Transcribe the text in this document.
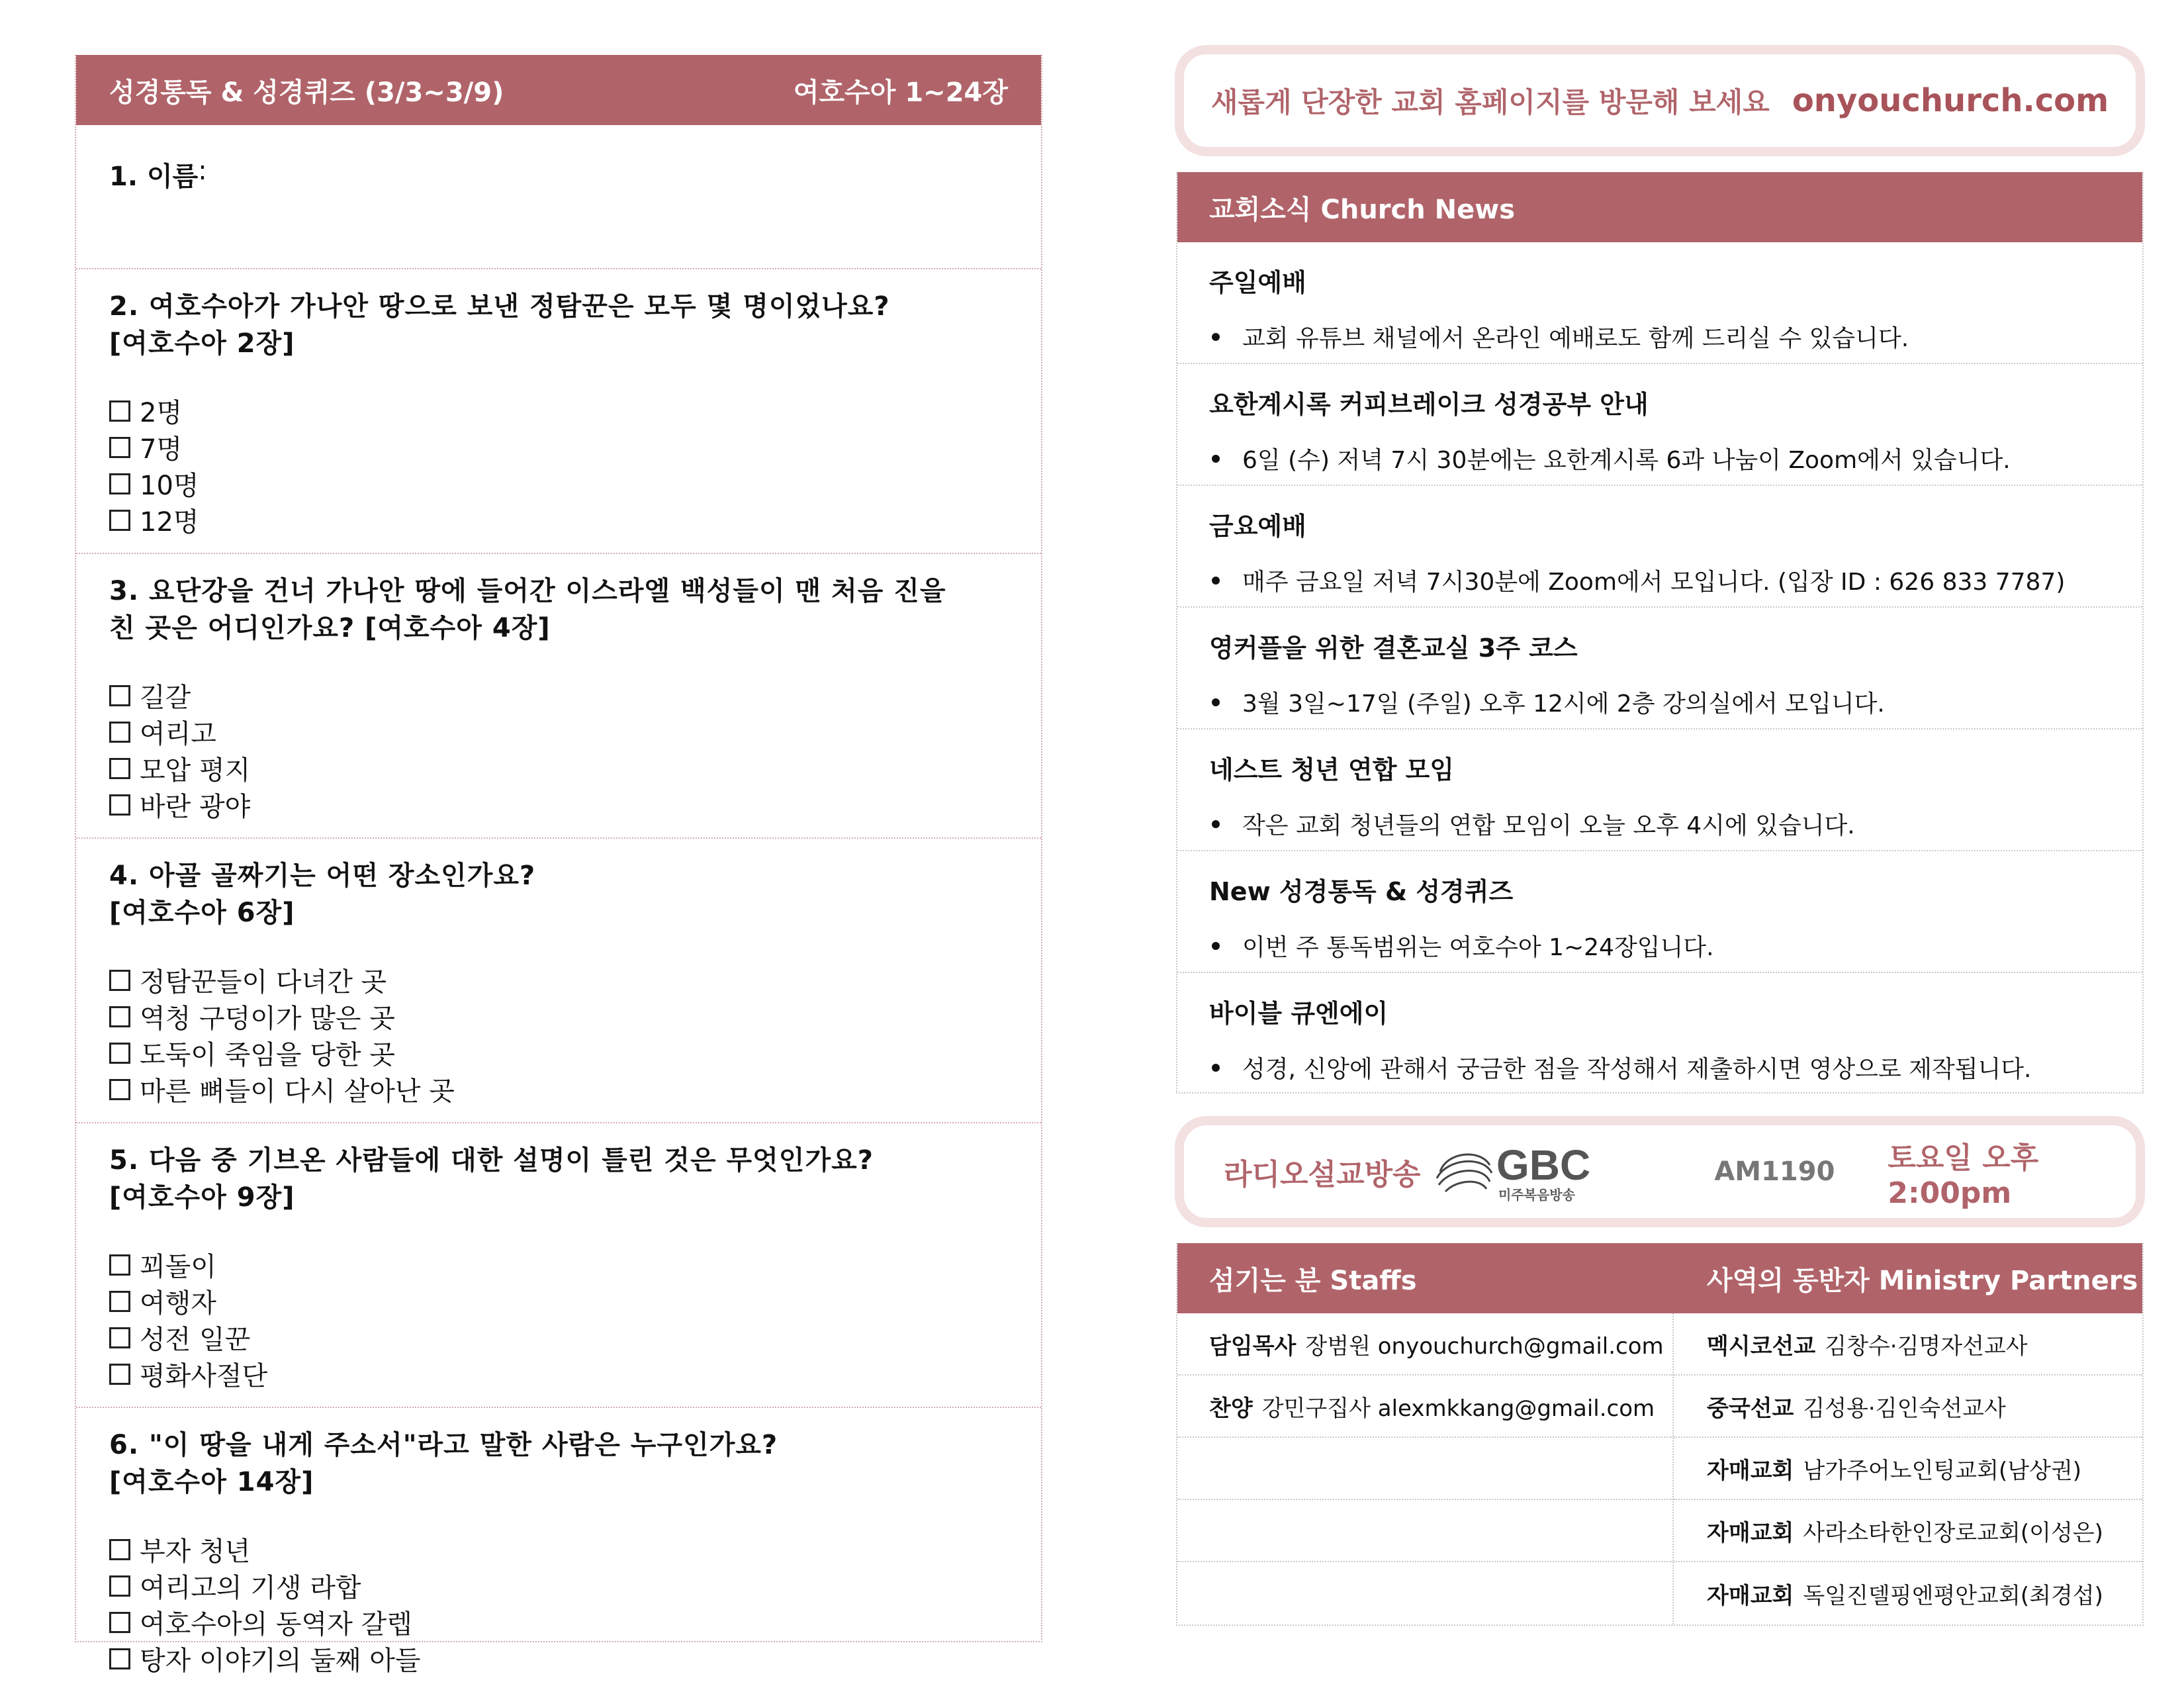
성경통독 & 성경퀴즈 (3/3~3/9)	여호수아 1~24장
1. 이름 :
2. 여호수아가 가나안 땅으로 보낸 정탐꾼은 모두 몇 명이었나요?
[여호수아 2장]
2명
7명
10명
12명
3. 요단강을 건너 가나안 땅에 들어간 이스라엘 백성들이 맨 처음 진을
친 곳은 어디인가요? [여호수아 4장]
길갈
여리고
모압 평지
바란 광야
4. 아골 골짜기는 어떤 장소인가요?
[여호수아 6장]
정탐꾼들이 다녀간 곳
역청 구덩이가 많은 곳
도둑이 죽임을 당한 곳
마른 뼈들이 다시 살아난 곳
5. 다음 중 기브온 사람들에 대한 설명이 틀린 것은 무엇인가요?
[여호수아 9장]
꾀돌이
여행자
성전 일꾼
평화사절단
6. "이 땅을 내게 주소서"라고 말한 사람은 누구인가요?
[여호수아 14장]
부자 청년
여리고의 기생 라합
여호수아의 동역자 갈렙
탕자 이야기의 둘째 아들
새롭게 단장한 교회 홈페이지를 방문해 보세요 onyouchurch.com
교회소식 Church News
주일예배
교회 유튜브 채널에서 온라인 예배로도 함께 드리실 수 있습니다.
요한계시록 커피브레이크 성경공부 안내
6일 (수) 저녁 7시 30분에는 요한계시록 6과 나눔이 Zoom에서 있습니다.
금요예배
매주 금요일 저녁 7시30분에 Zoom에서 모입니다. (입장 ID : 626 833 7787)
영커플을 위한 결혼교실 3주 코스
3월 3일~17일 (주일) 오후 12시에 2층 강의실에서 모입니다.
네스트 청년 연합 모임
작은 교회 청년들의 연합 모임이 오늘 오후 4시에 있습니다.
New 성경통독 & 성경퀴즈
이번 주 통독범위는 여호수아 1~24장입니다.
바이블 큐엔에이
성경, 신앙에 관해서 궁금한 점을 작성해서 제출하시면 영상으로 제작됩니다.
라디오설교방송 GBC
미주복음방송
AM1190 토요일 오후 2:00pm
섬기는 분 Staffs	사역의 동반자 Ministry Partners
담임목사 장범원 onyouchurch@gmail.com
찬양 강민구집사 alexmkkang@gmail.com
멕시코선교 김창수·김명자선교사
중국선교 김성용·김인숙선교사
자매교회 남가주어노인팅교회(남상권)
자매교회 사라소타한인장로교회(이성은)
자매교회 독일진델핑엔평안교회(최경섭)
